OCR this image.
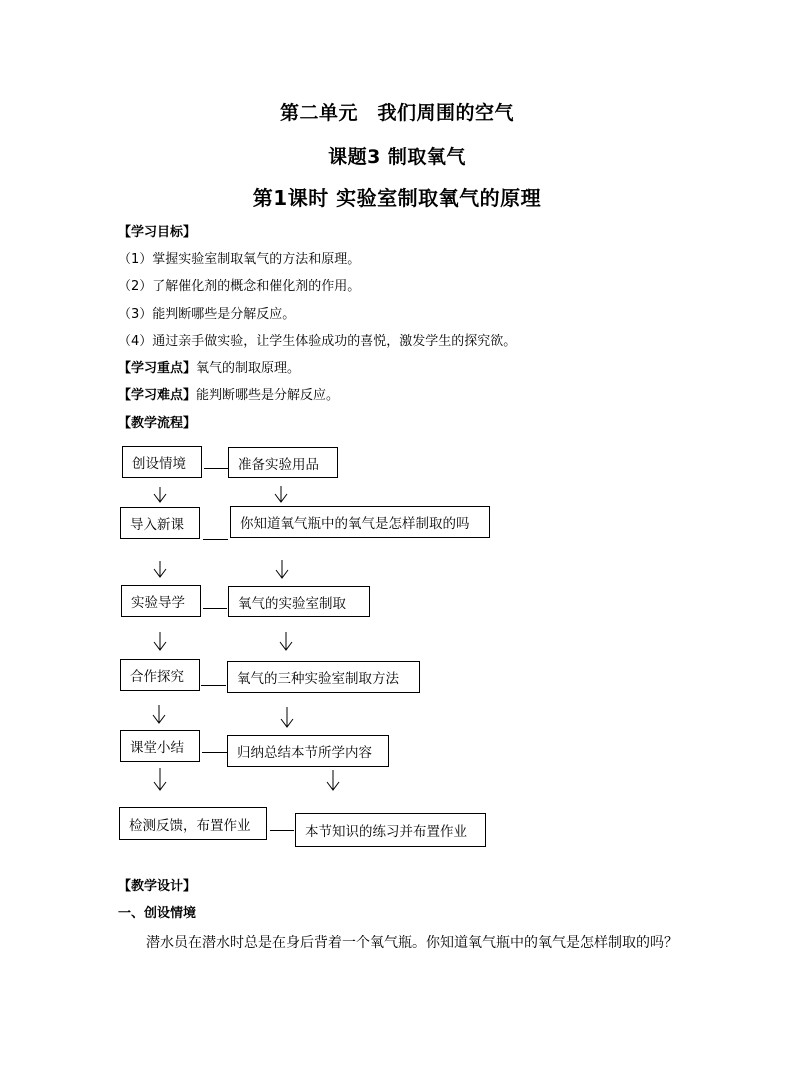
第二单元　我们周围的空气
课题3 制取氧气
第1课时 实验室制取氧气的原理
【学习目标】
（1）掌握实验室制取氧气的方法和原理。
（2）了解催化剂的概念和催化剂的作用。
（3）能判断哪些是分解反应。
（4）通过亲手做实验，让学生体验成功的喜悦，激发学生的探究欲。
【学习重点】氧气的制取原理。
【学习难点】能判断哪些是分解反应。
【教学流程】
创设情境	准备实验用品
导入新课	你知道氧气瓶中的氧气是怎样制取的吗
实验导学	氧气的实验室制取
合作探究	氧气的三种实验室制取方法
课堂小结	归纳总结本节所学内容
检测反馈，布置作业	本节知识的练习并布置作业
【教学设计】
一、创设情境
潜水员在潜水时总是在身后背着一个氧气瓶。你知道氧气瓶中的氧气是怎样制取的吗？
